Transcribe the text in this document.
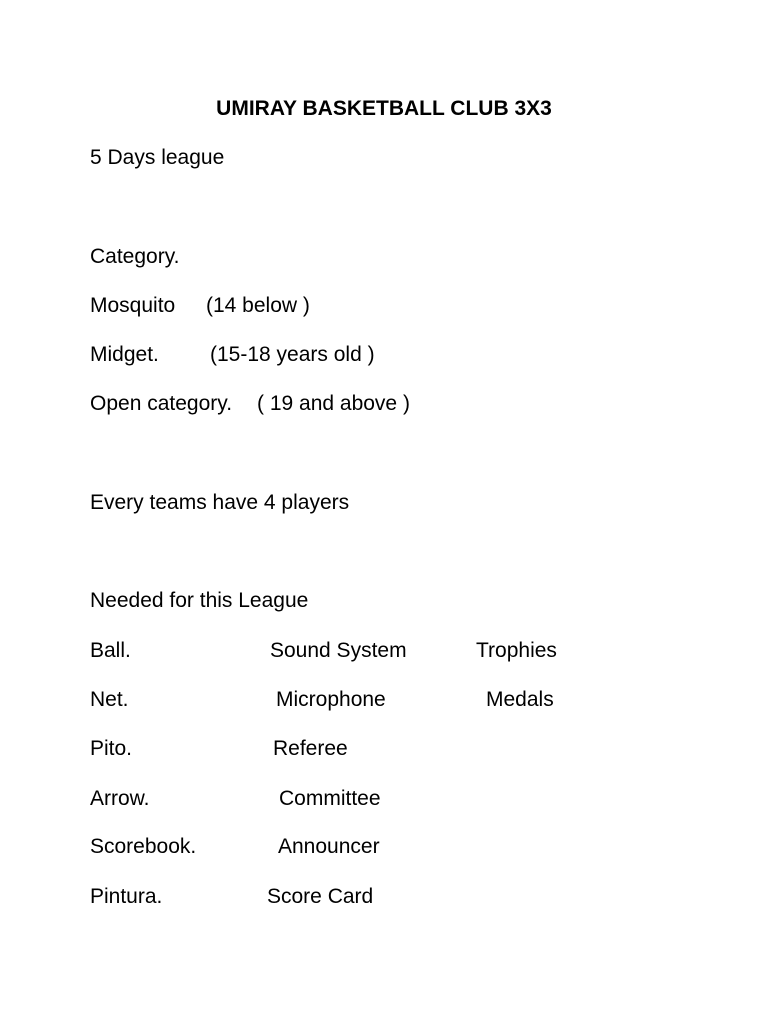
UMIRAY BASKETBALL CLUB 3X3
5 Days league
Category.
Mosquito (14 below )
Midget. (15-18 years old )
Open category. ( 19 and above )
Every teams have 4 players
Needed for this League
Ball.	Sound System	Trophies
Net.	Microphone	Medals
Pito.	Referee
Arrow.	Committee
Scorebook.	Announcer
Pintura.	Score Card
